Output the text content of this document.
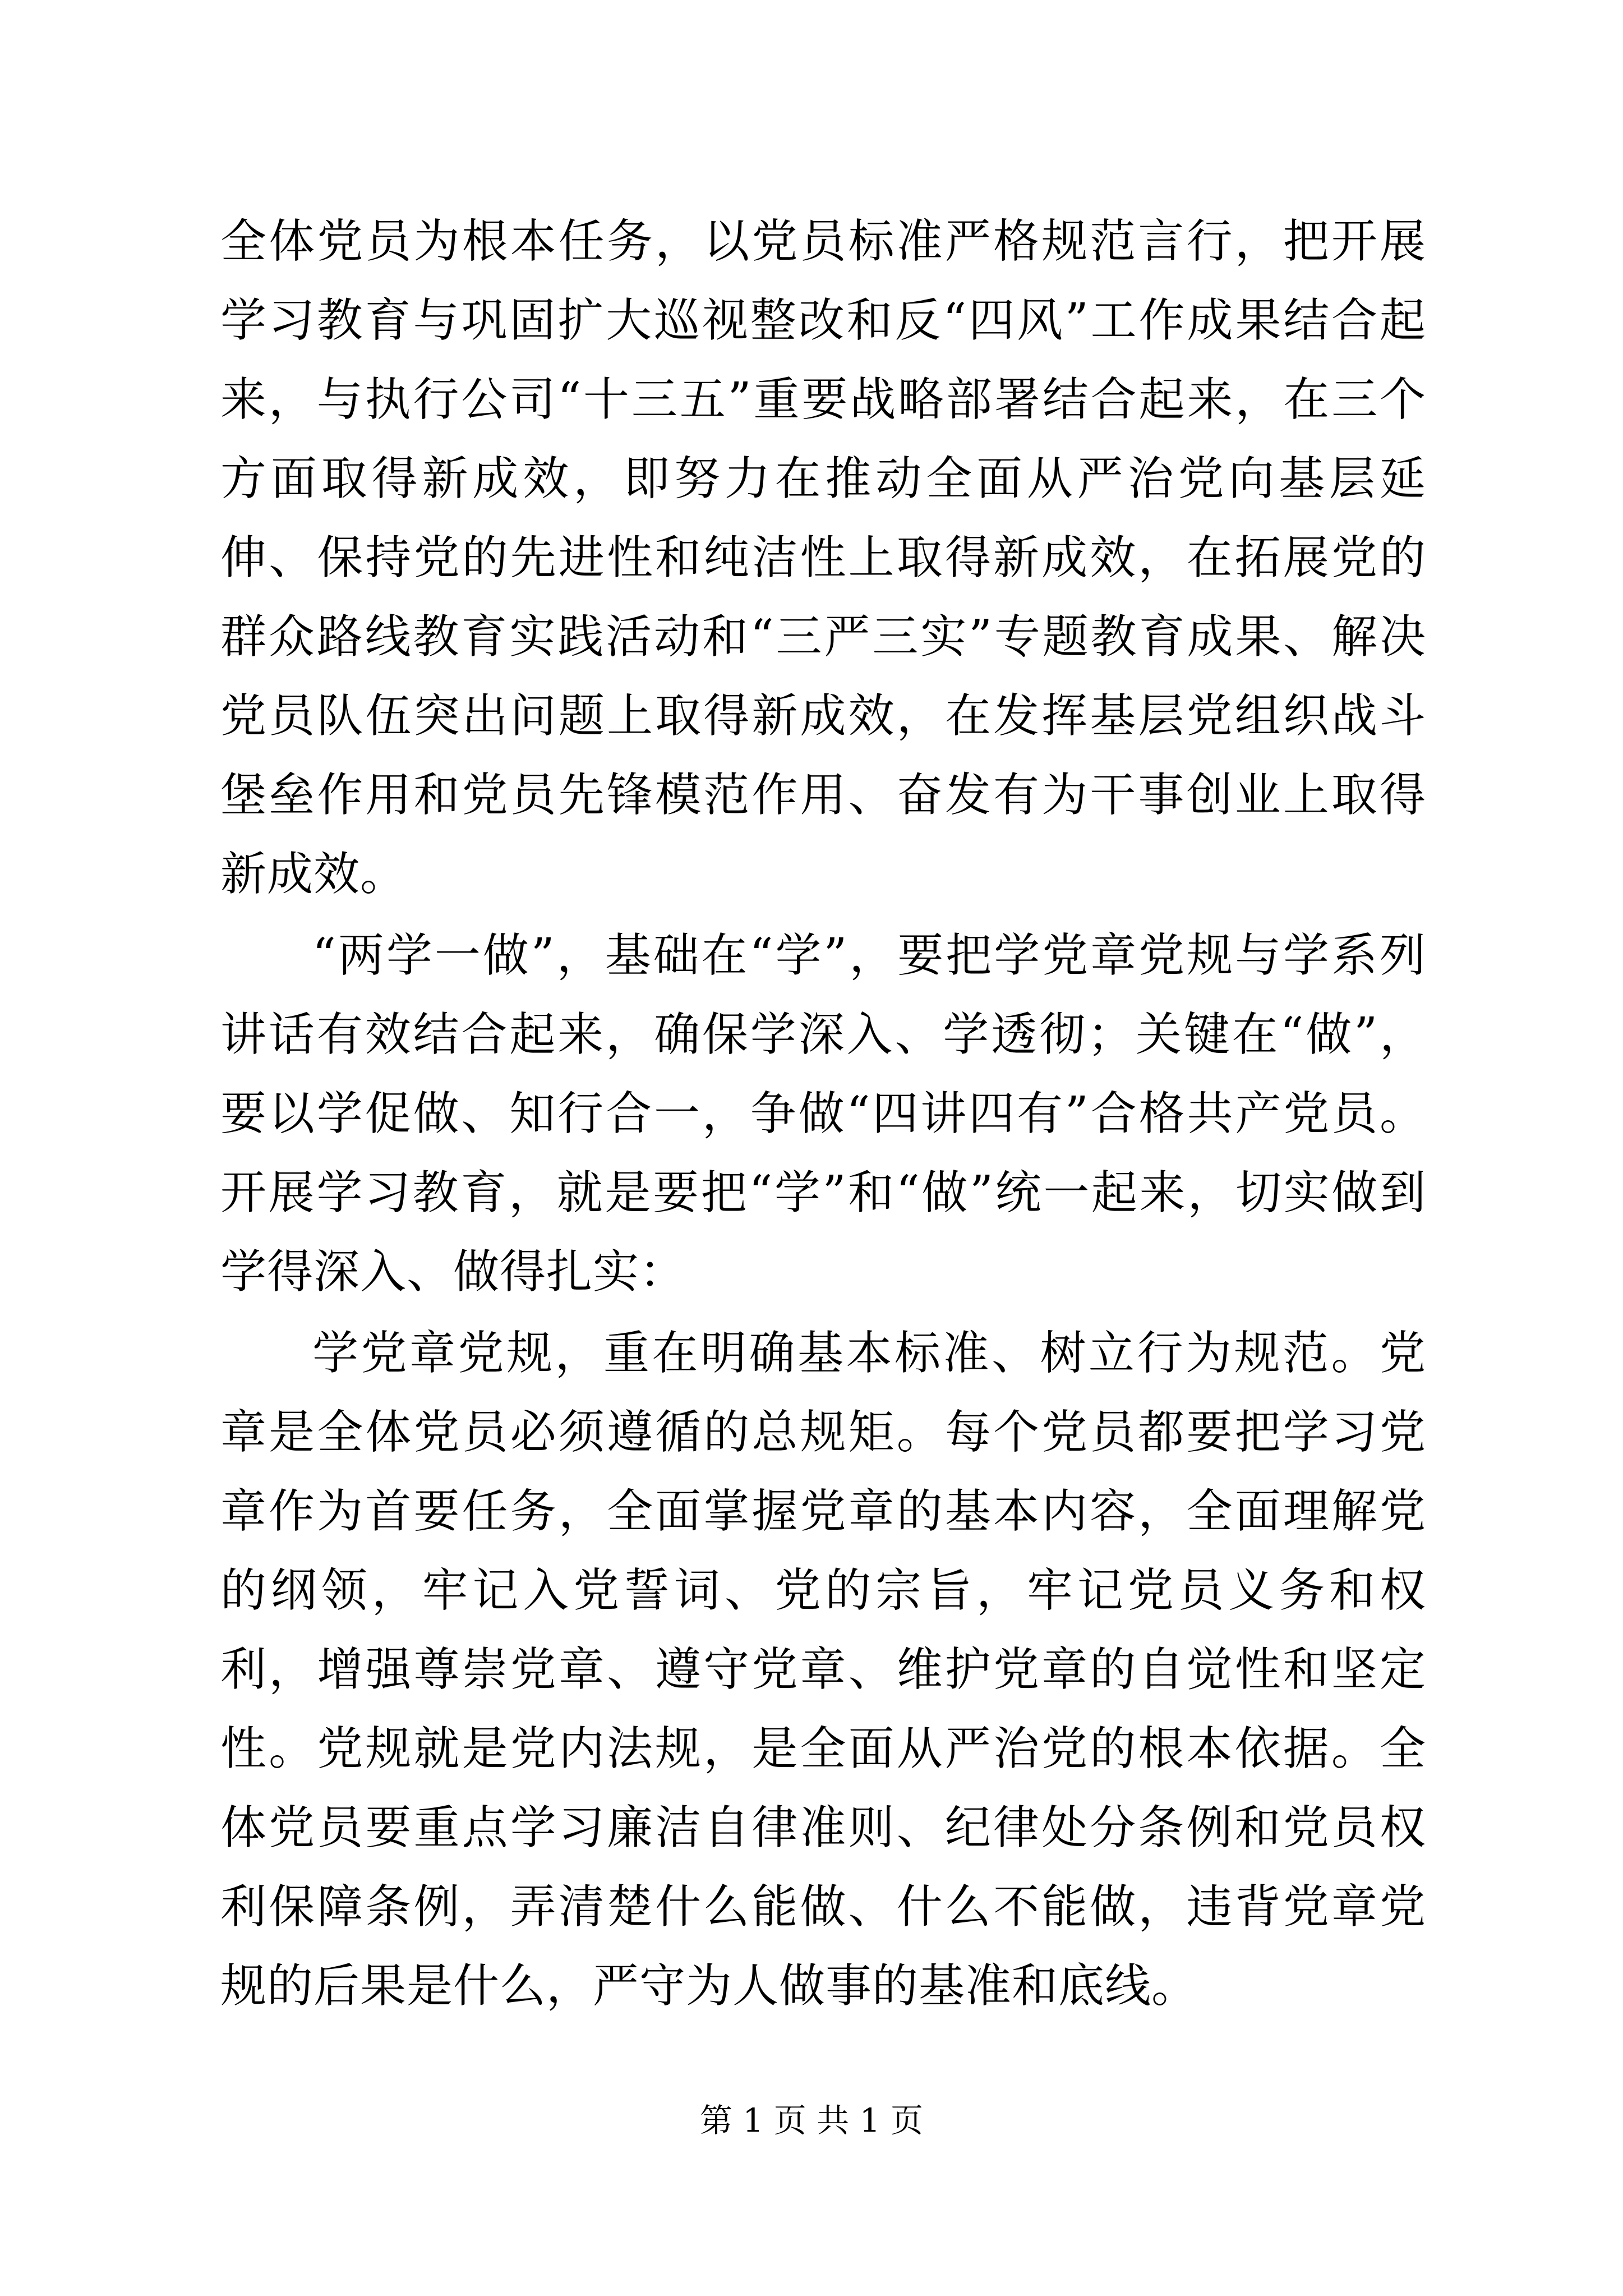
全体党员为根本任务，以党员标准严格规范言行，把开展学习教育与巩固扩大巡视整改和反“四风”工作成果结合起来，与执行公司“十三五”重要战略部署结合起来，在三个方面取得新成效，即努力在推动全面从严治党向基层延伸、保持党的先进性和纯洁性上取得新成效，在拓展党的群众路线教育实践活动和“三严三实”专题教育成果、解决党员队伍突出问题上取得新成效，在发挥基层党组织战斗堡垒作用和党员先锋模范作用、奋发有为干事创业上取得新成效。

“两学一做”，基础在“学”，要把学党章党规与学系列讲话有效结合起来，确保学深入、学透彻；关键在“做”，要以学促做、知行合一，争做“四讲四有”合格共产党员。开展学习教育，就是要把“学”和“做”统一起来，切实做到学得深入、做得扎实：

学党章党规，重在明确基本标准、树立行为规范。党章是全体党员必须遵循的总规矩。每个党员都要把学习党章作为首要任务，全面掌握党章的基本内容，全面理解党的纲领，牢记入党誓词、党的宗旨，牢记党员义务和权利，增强尊崇党章、遵守党章、维护党章的自觉性和坚定性。党规就是党内法规，是全面从严治党的根本依据。全体党员要重点学习廉洁自律准则、纪律处分条例和党员权利保障条例，弄清楚什么能做、什么不能做，违背党章党规的后果是什么，严守为人做事的基准和底线。

第 1 页 共 1 页
